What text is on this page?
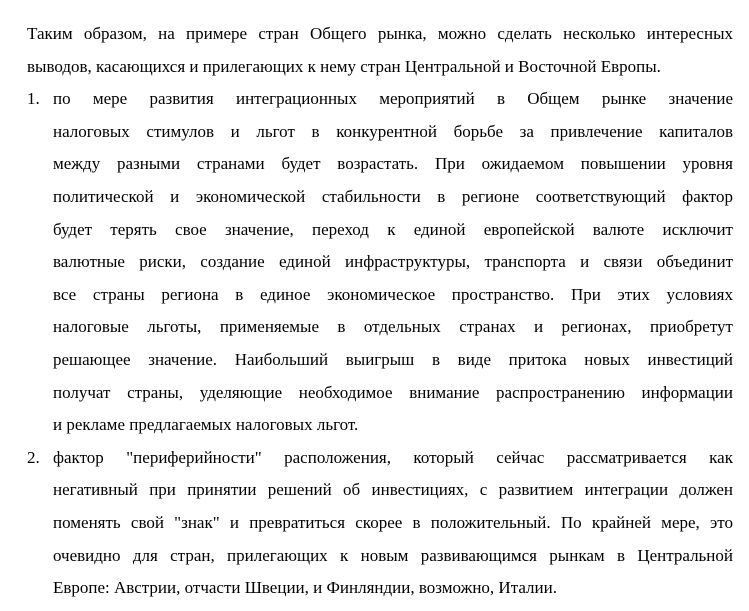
Таким образом, на примере стран Общего рынка, можно сделать несколько интересных
выводов, касающихся и прилегающих к нему стран Центральной и Восточной Европы.
1. по мере развития интеграционных мероприятий в Общем рынке значение
налоговых стимулов и льгот в конкурентной борьбе за привлечение капиталов
между разными странами будет возрастать. При ожидаемом повышении уровня
политической и экономической стабильности в регионе соответствующий фактор
будет терять свое значение, переход к единой европейской валюте исключит
валютные риски, создание единой инфраструктуры, транспорта и связи объединит
все страны региона в единое экономическое пространство. При этих условиях
налоговые льготы, применяемые в отдельных странах и регионах, приобретут
решающее значение. Наибольший выигрыш в виде притока новых инвестиций
получат страны, уделяющие необходимое внимание распространению информации
и рекламе предлагаемых налоговых льгот.
2. фактор "периферийности" расположения, который сейчас рассматривается как
негативный при принятии решений об инвестициях, с развитием интеграции должен
поменять свой "знак" и превратиться скорее в положительный. По крайней мере, это
очевидно для стран, прилегающих к новым развивающимся рынкам в Центральной
Европе: Австрии, отчасти Швеции, и Финляндии, возможно, Италии.
